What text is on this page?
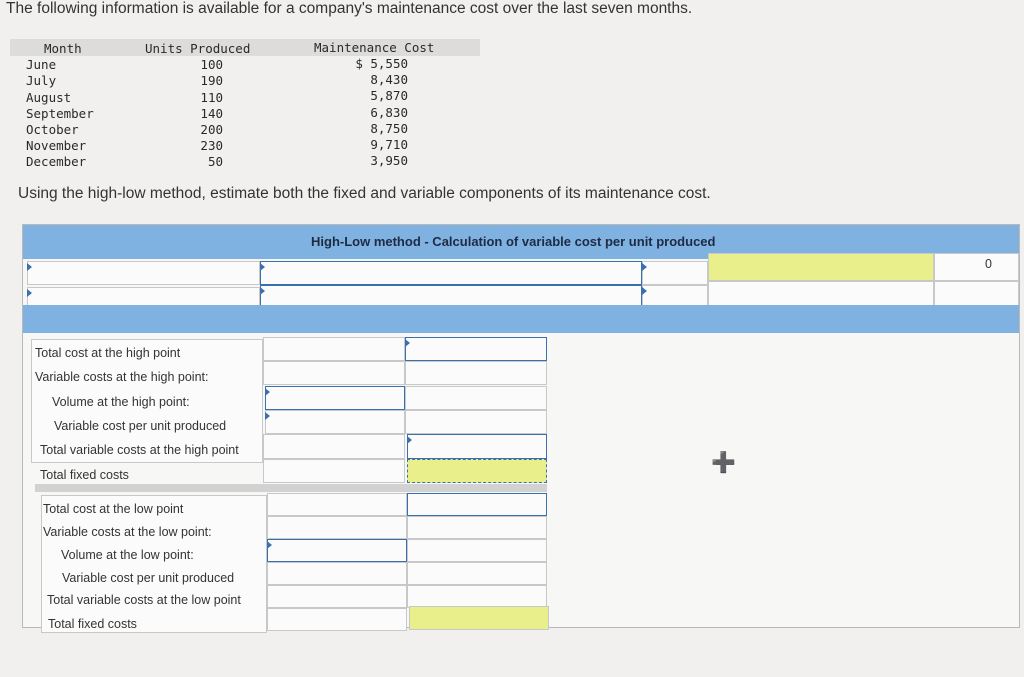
The following information is available for a company's maintenance cost over the last seven months.
Month
June
July
August
September
October
November
December
Units Produced
100
190
110
140
200
230
50
Maintenance Cost
$ 5,550
8,430
5,870
6,830
8,750
9,710
3,950
Using the high-low method, estimate both the fixed and variable components of its maintenance cost.
High-Low method - Calculation of variable cost per unit produced
Total cost at the high point
Variable costs at the high point:
Volume at the high point:
Variable cost per unit produced
Total variable costs at the high point
Total fixed costs
Total cost at the low point
Variable costs at the low point:
Volume at the low point:
Variable cost per unit produced
Total variable costs at the low point
Total fixed costs
0
➕
